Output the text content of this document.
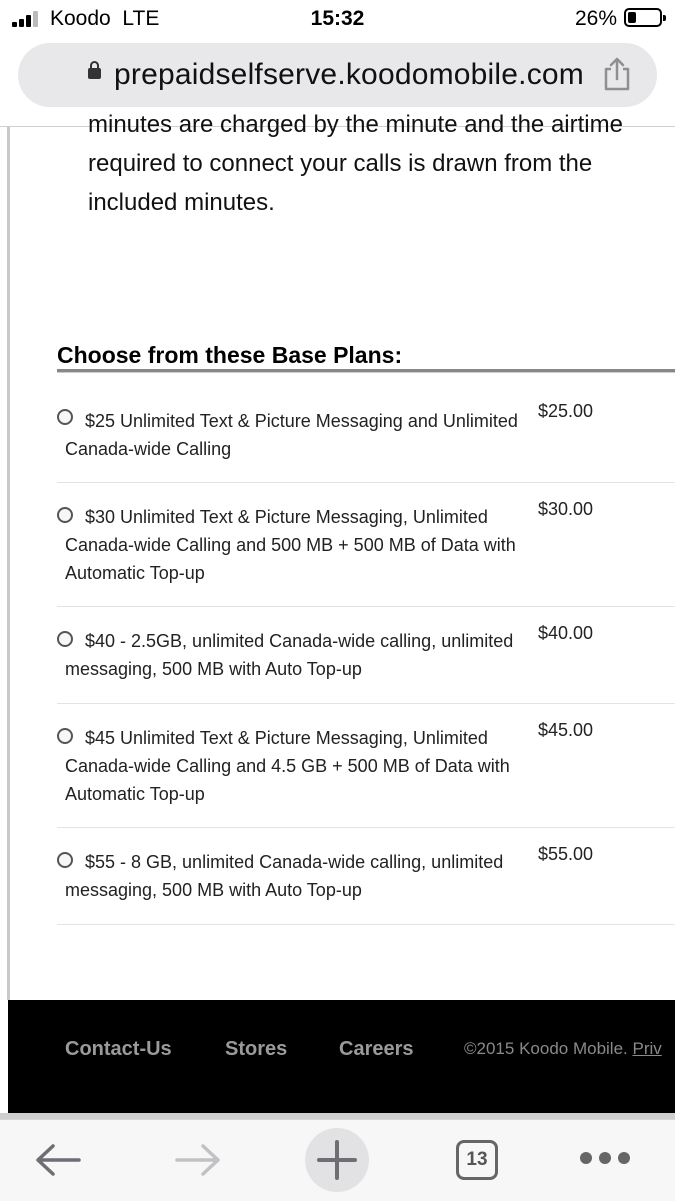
Koodo LTE	15:32	26%
prepaidselfserve.koodomobile.com
minutes are charged by the minute and the airtime required to connect your calls is drawn from the included minutes.
Choose from these Base Plans:
$25 Unlimited Text & Picture Messaging and Unlimited Canada-wide Calling
$25.00
$30 Unlimited Text & Picture Messaging, Unlimited Canada-wide Calling and 500 MB + 500 MB of Data with Automatic Top-up
$30.00
$40 - 2.5GB, unlimited Canada-wide calling, unlimited messaging, 500 MB with Auto Top-up
$40.00
$45 Unlimited Text & Picture Messaging, Unlimited Canada-wide Calling and 4.5 GB + 500 MB of Data with Automatic Top-up
$45.00
$55 - 8 GB, unlimited Canada-wide calling, unlimited messaging, 500 MB with Auto Top-up
$55.00
Contact-Us	Stores	Careers	©2015 Koodo Mobile. Priv
13
